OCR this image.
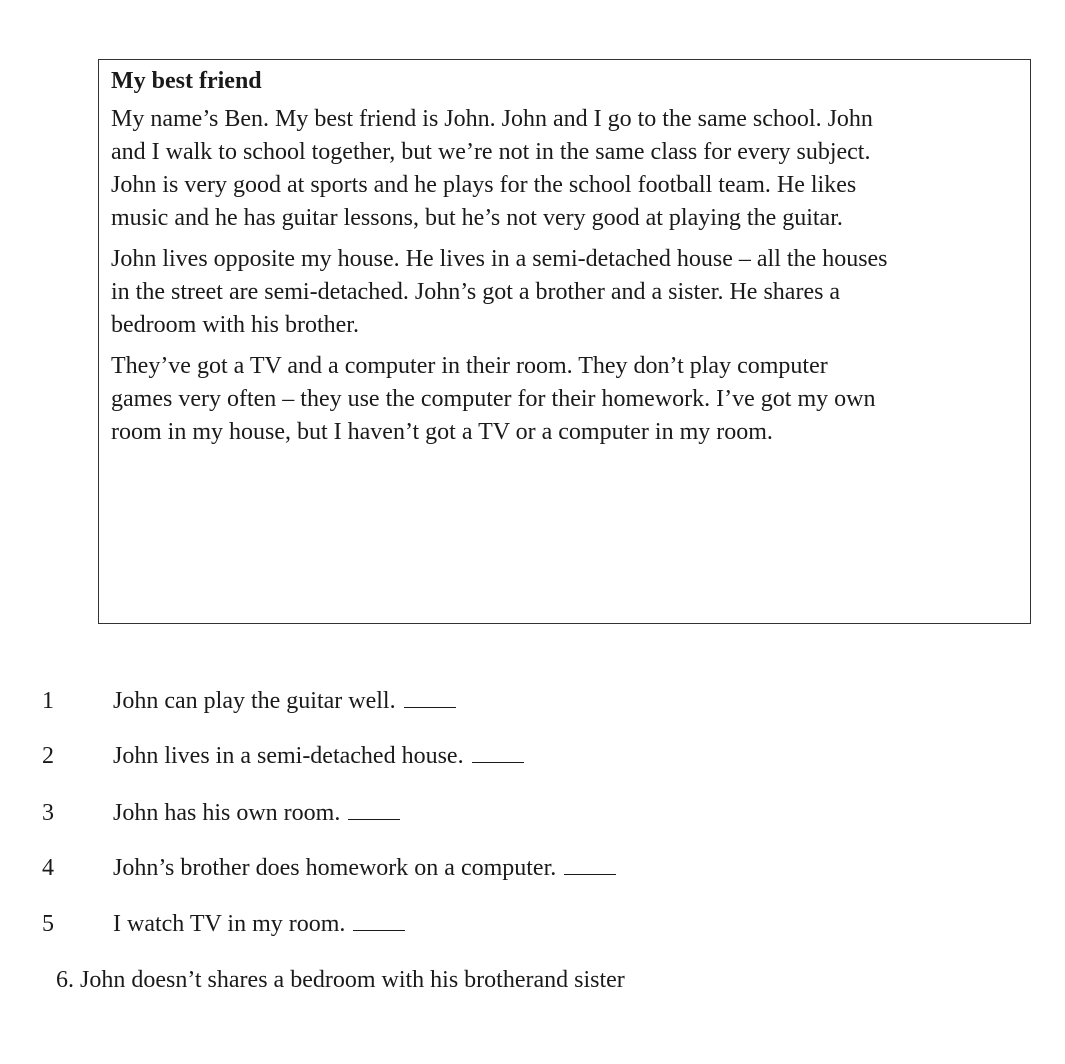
My best friend
My name’s Ben. My best friend is John. John and I go to the same school. John
and I walk to school together, but we’re not in the same class for every subject.
John is very good at sports and he plays for the school football team. He likes
music and he has guitar lessons, but he’s not very good at playing the guitar.
John lives opposite my house. He lives in a semi-detached house – all the houses
in the street are semi-detached. John’s got a brother and a sister. He shares a
bedroom with his brother.
They’ve got a TV and a computer in their room. They don’t play computer
games very often – they use the computer for their homework. I’ve got my own
room in my house, but I haven’t got a TV or a computer in my room.
1 John can play the guitar well.
2 John lives in a semi-detached house.
3 John has his own room.
4 John’s brother does homework on a computer.
5 I watch TV in my room.
6. John doesn’t shares a bedroom with his brotherand sister
